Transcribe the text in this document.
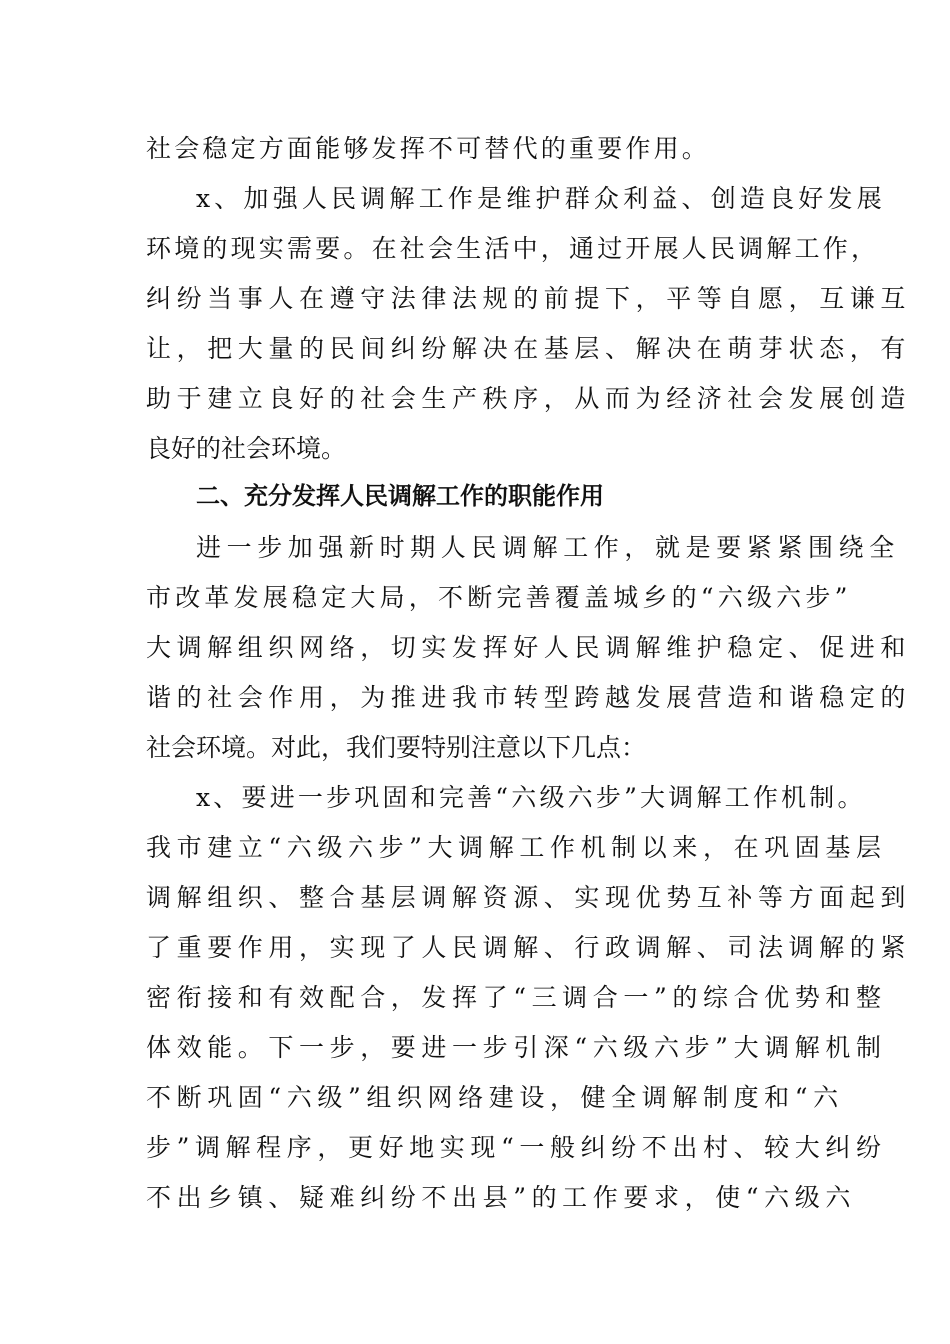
社会稳定方面能够发挥不可替代的重要作用。
x、加强人民调解工作是维护群众利益、创造良好发展
环境的现实需要。在社会生活中，通过开展人民调解工作，
纠纷当事人在遵守法律法规的前提下，平等自愿，互谦互
让，把大量的民间纠纷解决在基层、解决在萌芽状态，有
助于建立良好的社会生产秩序，从而为经济社会发展创造
良好的社会环境。
二、充分发挥人民调解工作的职能作用
进一步加强新时期人民调解工作，就是要紧紧围绕全
市改革发展稳定大局，不断完善覆盖城乡的“六级六步”
大调解组织网络，切实发挥好人民调解维护稳定、促进和
谐的社会作用，为推进我市转型跨越发展营造和谐稳定的
社会环境。对此，我们要特别注意以下几点：
x、要进一步巩固和完善“六级六步”大调解工作机制。
我市建立“六级六步”大调解工作机制以来，在巩固基层
调解组织、整合基层调解资源、实现优势互补等方面起到
了重要作用，实现了人民调解、行政调解、司法调解的紧
密衔接和有效配合，发挥了“三调合一”的综合优势和整
体效能。下一步，要进一步引深“六级六步”大调解机制
不断巩固“六级”组织网络建设，健全调解制度和“六
步”调解程序，更好地实现“一般纠纷不出村、较大纠纷
不出乡镇、疑难纠纷不出县”的工作要求，使“六级六
